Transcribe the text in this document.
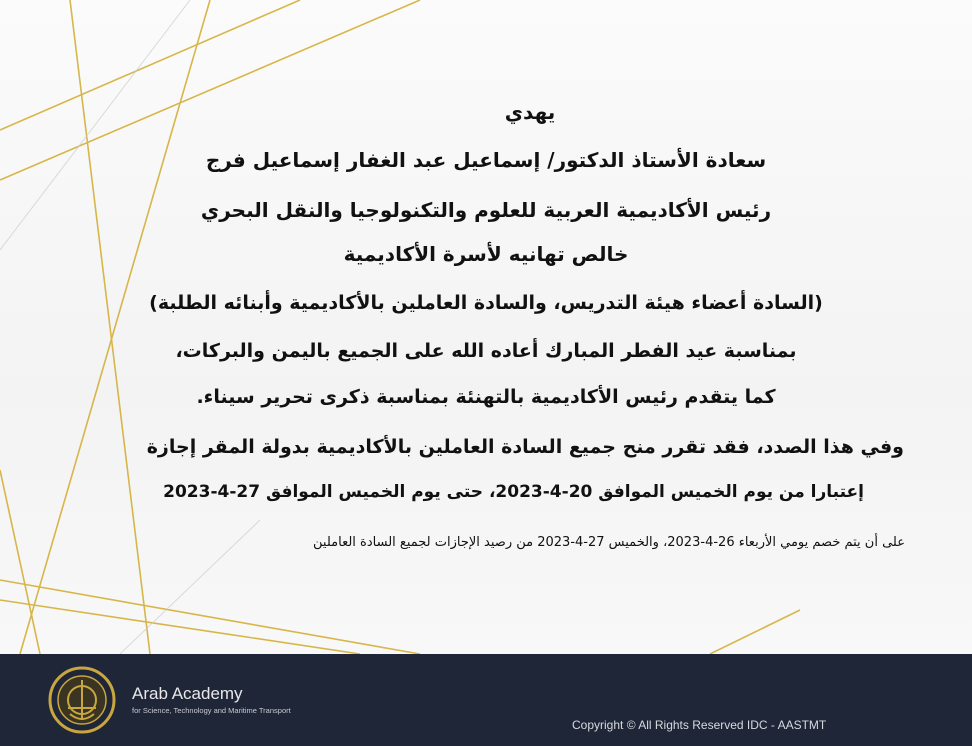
يهدي
سعادة الأستاذ الدكتور/ إسماعيل عبد الغفار إسماعيل فرج
رئيس الأكاديمية العربية للعلوم والتكنولوجيا والنقل البحري
خالص تهانيه لأسرة الأكاديمية
(السادة أعضاء هيئة التدريس، والسادة العاملين بالأكاديمية وأبنائه الطلبة)
بمناسبة عيد الفطر المبارك أعاده الله على الجميع باليمن والبركات،
كما يتقدم رئيس الأكاديمية بالتهنئة بمناسبة ذكرى تحرير سيناء.
وفي هذا الصدد، فقد تقرر منح جميع السادة العاملين بالأكاديمية بدولة المقر إجازة
إعتبارا من يوم الخميس الموافق 20-4-2023، حتى يوم الخميس الموافق 27-4-2023
على أن يتم خصم يومي الأربعاء 26-4-2023، والخميس 27-4-2023 من رصيد الإجازات لجميع السادة العاملين
Arab Academy
for Science, Technology and Maritime Transport
Copyright © All Rights Reserved IDC - AASTMT
